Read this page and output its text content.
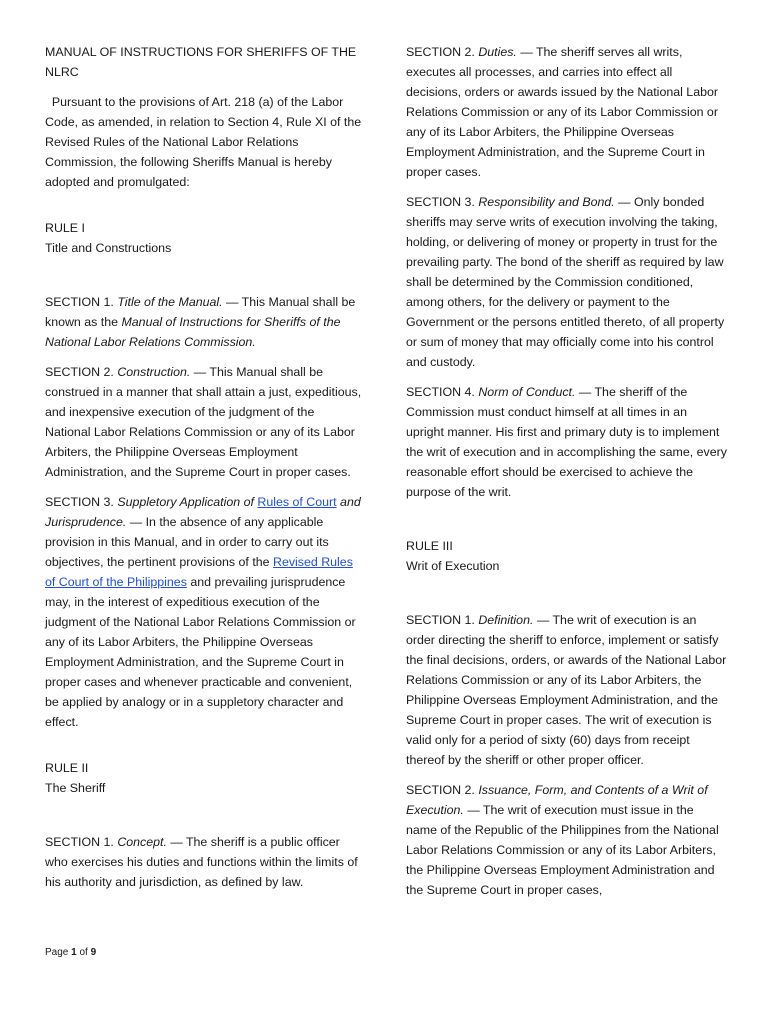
MANUAL OF INSTRUCTIONS FOR SHERIFFS OF THE NLRC

Pursuant to the provisions of Art. 218 (a) of the Labor Code, as amended, in relation to Section 4, Rule XI of the Revised Rules of the National Labor Relations Commission, the following Sheriffs Manual is hereby adopted and promulgated:

RULE I

Title and Constructions

SECTION 1. Title of the Manual. — This Manual shall be known as the Manual of Instructions for Sheriffs of the National Labor Relations Commission.

SECTION 2. Construction. — This Manual shall be construed in a manner that shall attain a just, expeditious, and inexpensive execution of the judgment of the National Labor Relations Commission or any of its Labor Arbiters, the Philippine Overseas Employment Administration, and the Supreme Court in proper cases.

SECTION 3. Suppletory Application of Rules of Court and Jurisprudence. — In the absence of any applicable provision in this Manual, and in order to carry out its objectives, the pertinent provisions of the Revised Rules of Court of the Philippines and prevailing jurisprudence may, in the interest of expeditious execution of the judgment of the National Labor Relations Commission or any of its Labor Arbiters, the Philippine Overseas Employment Administration, and the Supreme Court in proper cases and whenever practicable and convenient, be applied by analogy or in a suppletory character and effect.

RULE II

The Sheriff

SECTION 1. Concept. — The sheriff is a public officer who exercises his duties and functions within the limits of his authority and jurisdiction, as defined by law.

SECTION 2. Duties. — The sheriff serves all writs, executes all processes, and carries into effect all decisions, orders or awards issued by the National Labor Relations Commission or any of its Labor Commission or any of its Labor Arbiters, the Philippine Overseas Employment Administration, and the Supreme Court in proper cases.

SECTION 3. Responsibility and Bond. — Only bonded sheriffs may serve writs of execution involving the taking, holding, or delivering of money or property in trust for the prevailing party. The bond of the sheriff as required by law shall be determined by the Commission conditioned, among others, for the delivery or payment to the Government or the persons entitled thereto, of all property or sum of money that may officially come into his control and custody.

SECTION 4. Norm of Conduct. — The sheriff of the Commission must conduct himself at all times in an upright manner. His first and primary duty is to implement the writ of execution and in accomplishing the same, every reasonable effort should be exercised to achieve the purpose of the writ.

RULE III

Writ of Execution

SECTION 1. Definition. — The writ of execution is an order directing the sheriff to enforce, implement or satisfy the final decisions, orders, or awards of the National Labor Relations Commission or any of its Labor Arbiters, the Philippine Overseas Employment Administration, and the Supreme Court in proper cases. The writ of execution is valid only for a period of sixty (60) days from receipt thereof by the sheriff or other proper officer.

SECTION 2. Issuance, Form, and Contents of a Writ of Execution. — The writ of execution must issue in the name of the Republic of the Philippines from the National Labor Relations Commission or any of its Labor Arbiters, the Philippine Overseas Employment Administration and the Supreme Court in proper cases,

Page 1 of 9
